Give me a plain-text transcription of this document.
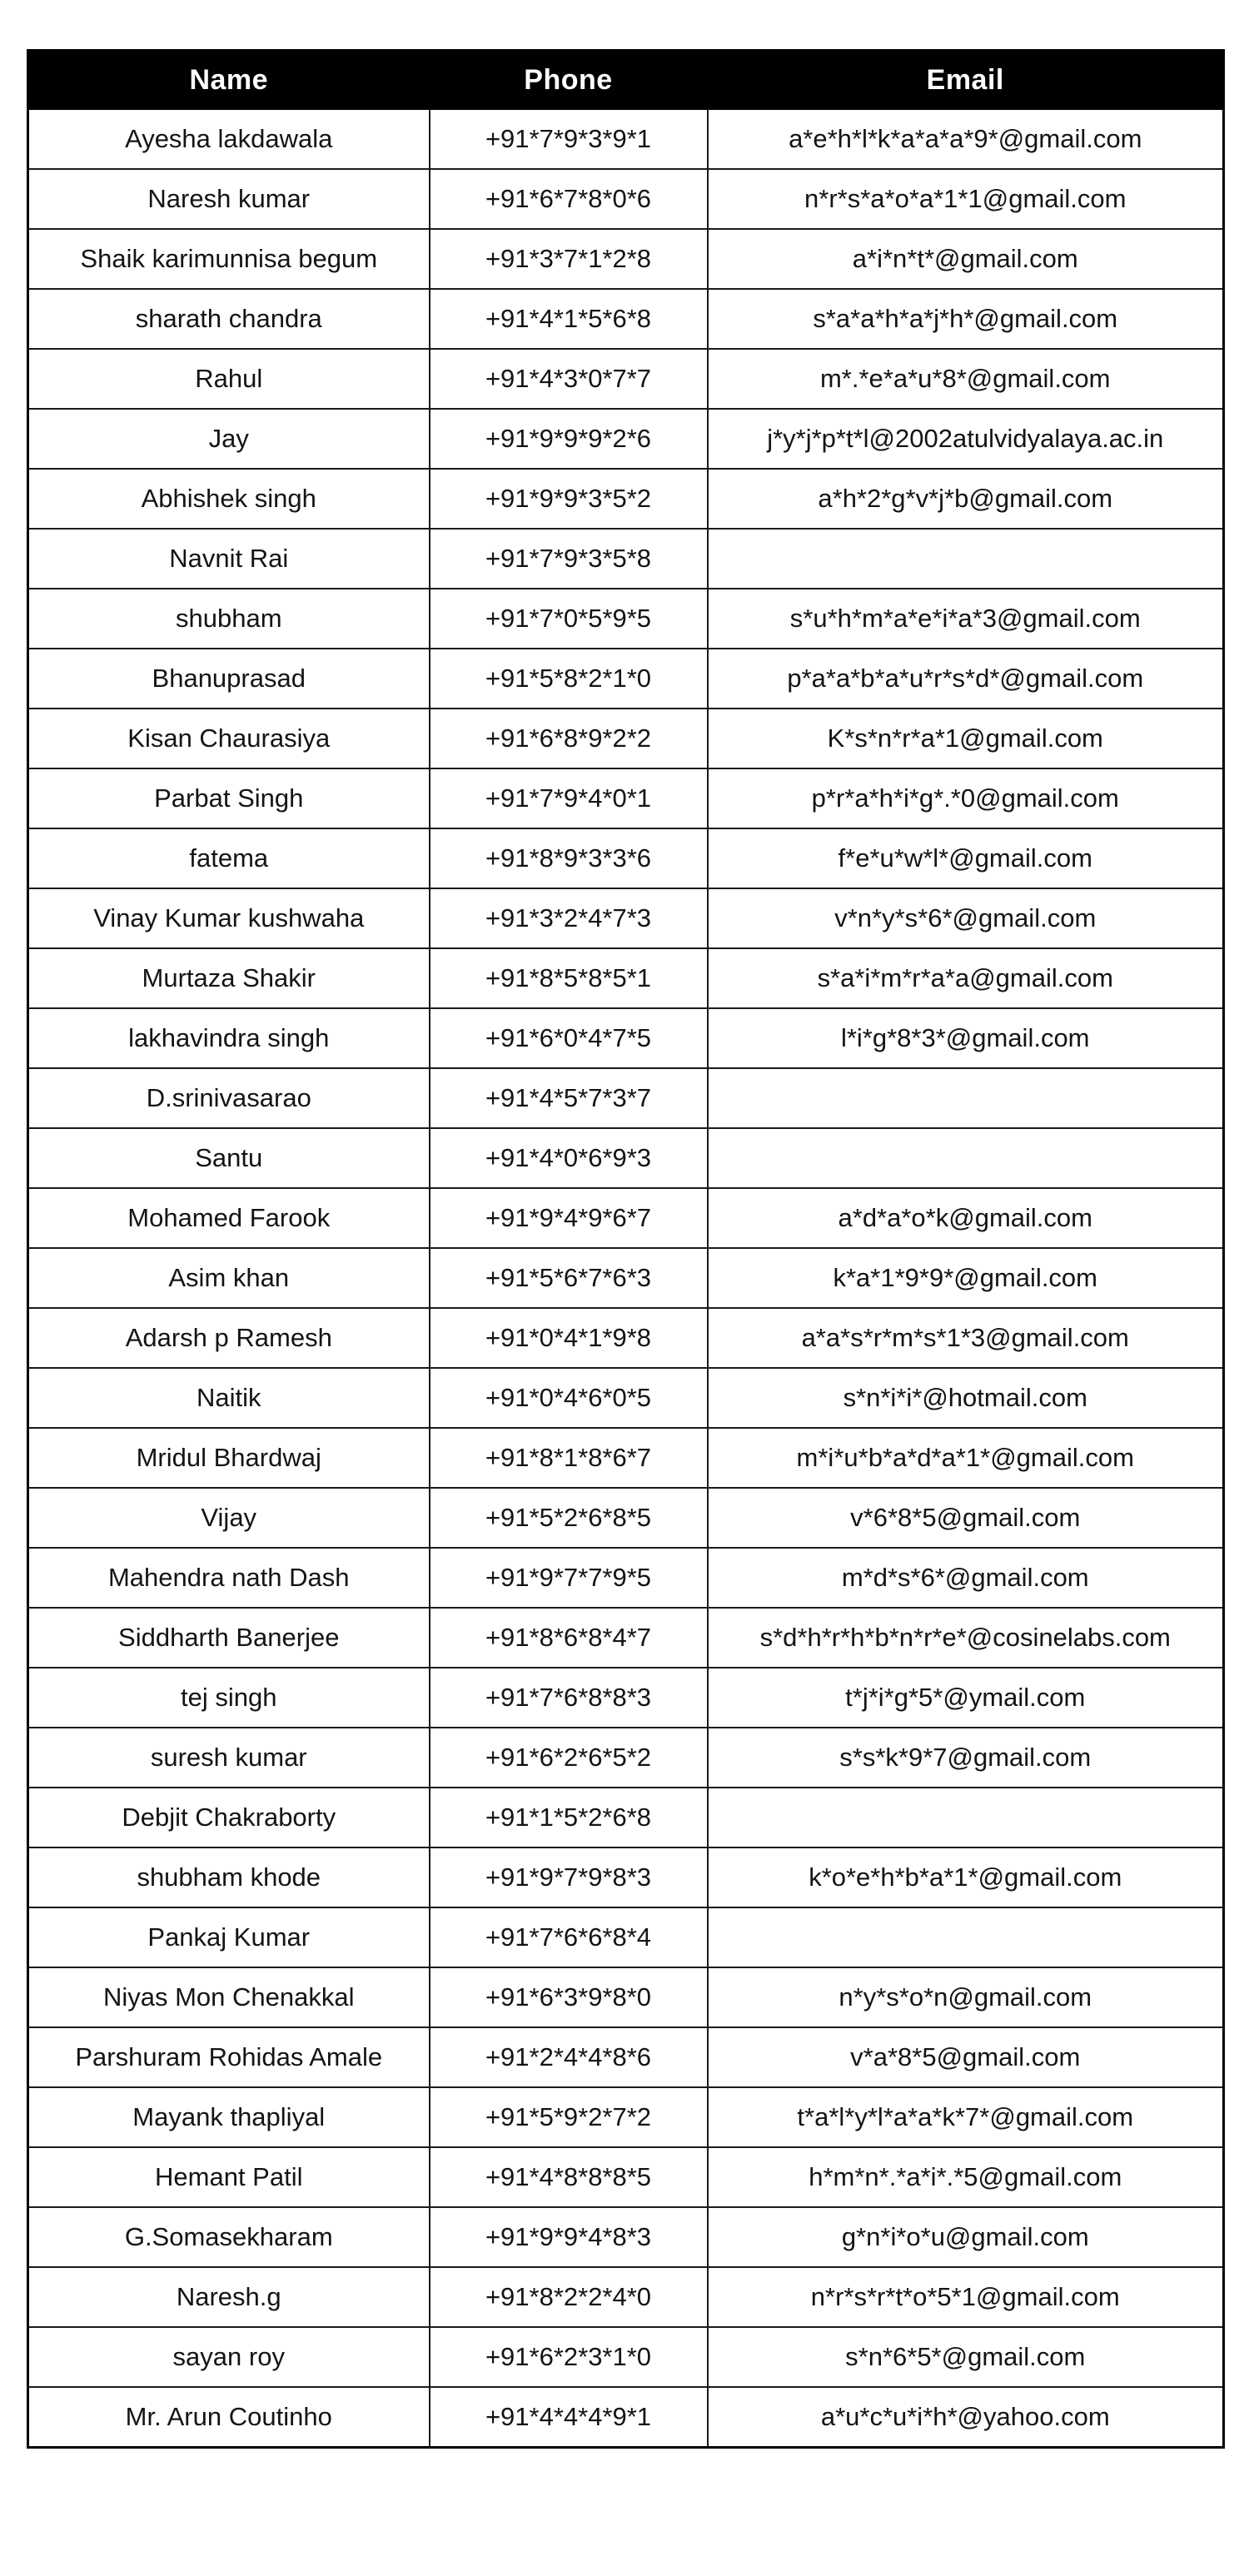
Name	Phone	Email
Ayesha lakdawala	+91*7*9*3*9*1	a*e*h*l*k*a*a*a*9*@gmail.com
Naresh kumar	+91*6*7*8*0*6	n*r*s*a*o*a*1*1@gmail.com
Shaik karimunnisa begum	+91*3*7*1*2*8	a*i*n*t*@gmail.com
sharath chandra	+91*4*1*5*6*8	s*a*a*h*a*j*h*@gmail.com
Rahul	+91*4*3*0*7*7	m*.*e*a*u*8*@gmail.com
Jay	+91*9*9*9*2*6	j*y*j*p*t*l@2002atulvidyalaya.ac.in
Abhishek singh	+91*9*9*3*5*2	a*h*2*g*v*j*b@gmail.com
Navnit Rai	+91*7*9*3*5*8	
shubham	+91*7*0*5*9*5	s*u*h*m*a*e*i*a*3@gmail.com
Bhanuprasad	+91*5*8*2*1*0	p*a*a*b*a*u*r*s*d*@gmail.com
Kisan Chaurasiya	+91*6*8*9*2*2	K*s*n*r*a*1@gmail.com
Parbat Singh	+91*7*9*4*0*1	p*r*a*h*i*g*.*0@gmail.com
fatema	+91*8*9*3*3*6	f*e*u*w*l*@gmail.com
Vinay Kumar kushwaha	+91*3*2*4*7*3	v*n*y*s*6*@gmail.com
Murtaza Shakir	+91*8*5*8*5*1	s*a*i*m*r*a*a@gmail.com
lakhavindra singh	+91*6*0*4*7*5	l*i*g*8*3*@gmail.com
D.srinivasarao	+91*4*5*7*3*7	
Santu	+91*4*0*6*9*3	
Mohamed Farook	+91*9*4*9*6*7	a*d*a*o*k@gmail.com
Asim khan	+91*5*6*7*6*3	k*a*1*9*9*@gmail.com
Adarsh p Ramesh	+91*0*4*1*9*8	a*a*s*r*m*s*1*3@gmail.com
Naitik	+91*0*4*6*0*5	s*n*i*i*@hotmail.com
Mridul Bhardwaj	+91*8*1*8*6*7	m*i*u*b*a*d*a*1*@gmail.com
Vijay	+91*5*2*6*8*5	v*6*8*5@gmail.com
Mahendra nath Dash	+91*9*7*7*9*5	m*d*s*6*@gmail.com
Siddharth Banerjee	+91*8*6*8*4*7	s*d*h*r*h*b*n*r*e*@cosinelabs.com
tej singh	+91*7*6*8*8*3	t*j*i*g*5*@ymail.com
suresh kumar	+91*6*2*6*5*2	s*s*k*9*7@gmail.com
Debjit Chakraborty	+91*1*5*2*6*8	
shubham khode	+91*9*7*9*8*3	k*o*e*h*b*a*1*@gmail.com
Pankaj Kumar	+91*7*6*6*8*4	
Niyas Mon Chenakkal	+91*6*3*9*8*0	n*y*s*o*n@gmail.com
Parshuram Rohidas Amale	+91*2*4*4*8*6	v*a*8*5@gmail.com
Mayank thapliyal	+91*5*9*2*7*2	t*a*l*y*l*a*a*k*7*@gmail.com
Hemant Patil	+91*4*8*8*8*5	h*m*n*.*a*i*.*5@gmail.com
G.Somasekharam	+91*9*9*4*8*3	g*n*i*o*u@gmail.com
Naresh.g	+91*8*2*2*4*0	n*r*s*r*t*o*5*1@gmail.com
sayan roy	+91*6*2*3*1*0	s*n*6*5*@gmail.com
Mr. Arun Coutinho	+91*4*4*4*9*1	a*u*c*u*i*h*@yahoo.com
